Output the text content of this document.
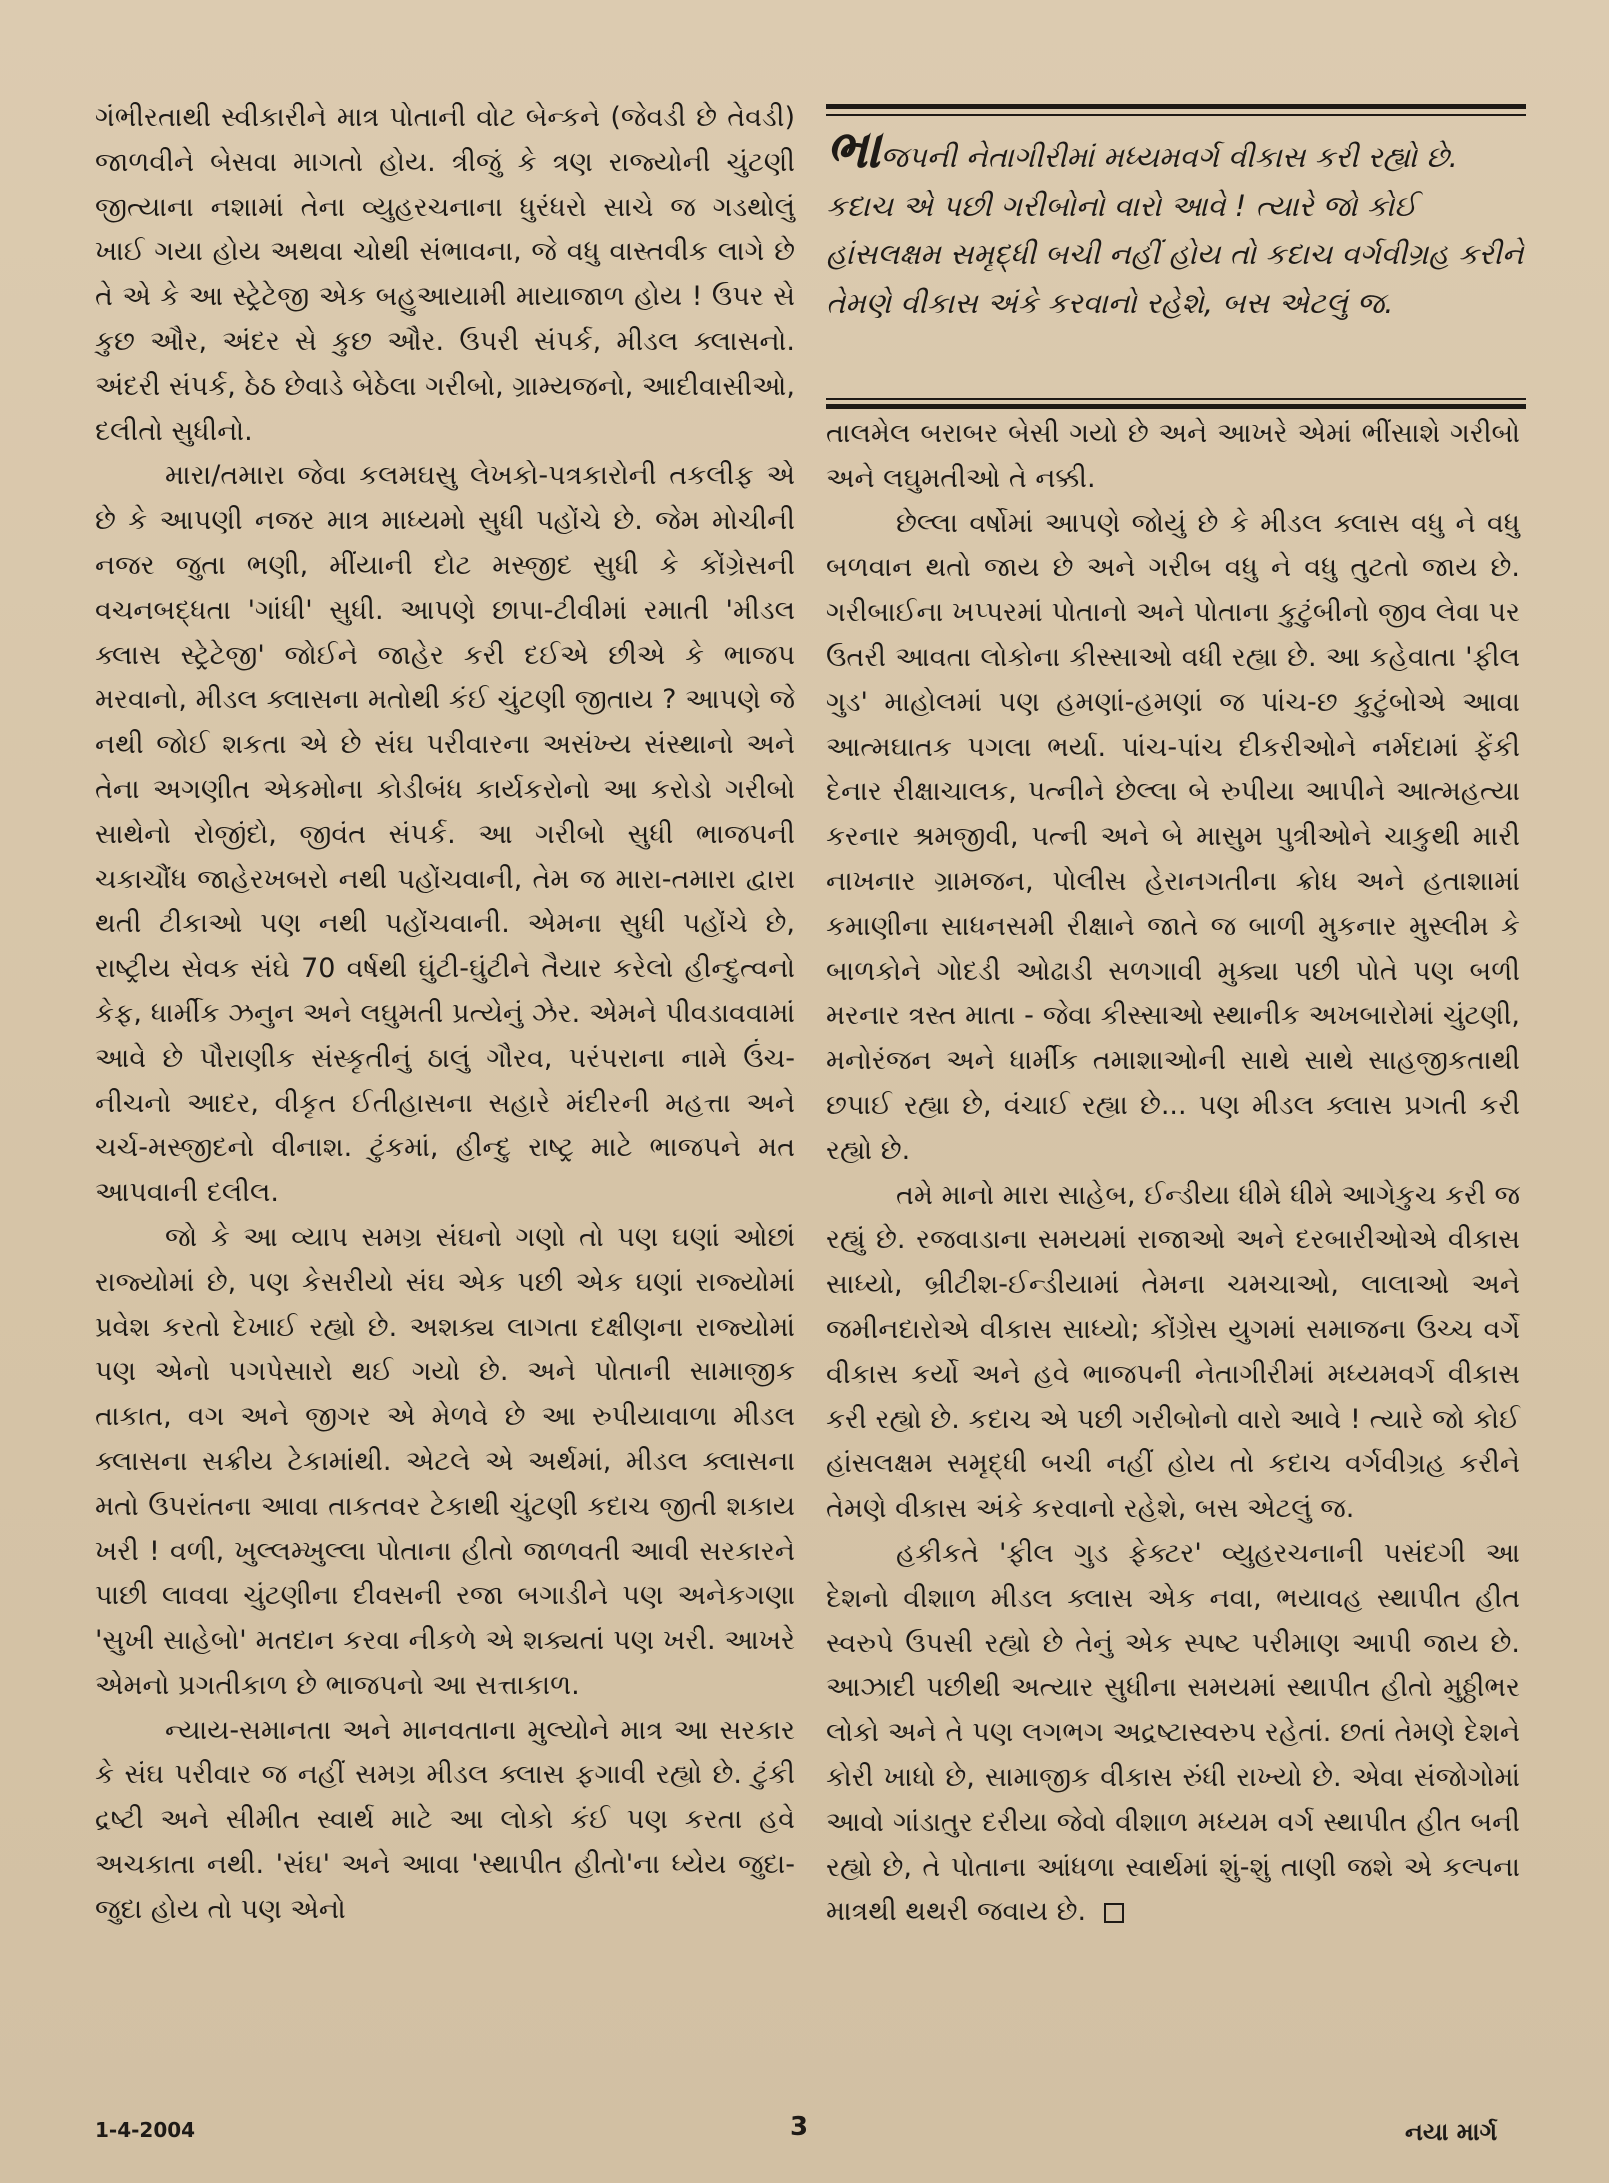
ગંભીરતાથી સ્વીકારીને માત્ર પોતાની વોટ બેન્કને (જેવડી છે તેવડી) જાળવીને બેસવા માગતો હોય. ત્રીજું કે ત્રણ રાજ્યોની ચુંટણી જીત્યાના નશામાં તેના વ્યુહરચનાના ધુરંધરો સાચે જ ગડથોલું ખાઈ ગયા હોય અથવા ચોથી સંભાવના, જે વધુ વાસ્તવીક લાગે છે તે એ કે આ સ્ટ્રેટેજી એક બહુઆયામી માયાજાળ હોય ! ઉપર સે કુછ ઔર, અંદર સે કુછ ઔર. ઉપરી સંપર્ક, મીડલ ક્લાસનો. અંદરી સંપર્ક, ઠેઠ છેવાડે બેઠેલા ગરીબો, ગ્રામ્યજનો, આદીવાસીઓ, દલીતો સુધીનો.

મારા/તમારા જેવા કલમઘસુ લેખકો-પત્રકારોની તકલીફ એ છે કે આપણી નજર માત્ર માધ્યમો સુધી પહોંચે છે. જેમ મોચીની નજર જુતા ભણી, મીંયાની દોટ મસ્જીદ સુધી કે કોંગ્રેસની વચનબદ્ધતા 'ગાંધી' સુધી. આપણે છાપા-ટીવીમાં રમાતી 'મીડલ ક્લાસ સ્ટ્રેટેજી' જોઈને જાહેર કરી દઈએ છીએ કે ભાજપ મરવાનો, મીડલ ક્લાસના મતોથી કંઈ ચુંટણી જીતાય ? આપણે જે નથી જોઈ શકતા એ છે સંઘ પરીવારના અસંખ્ય સંસ્થાનો અને તેના અગણીત એકમોના કોડીબંધ કાર્યકરોનો આ કરોડો ગરીબો સાથેનો રોજીંદો, જીવંત સંપર્ક. આ ગરીબો સુધી ભાજપની ચકાચૌંધ જાહેરખબરો નથી પહોંચવાની, તેમ જ મારા-તમારા દ્વારા થતી ટીકાઓ પણ નથી પહોંચવાની. એમના સુધી પહોંચે છે, રાષ્ટ્રીય સેવક સંઘે 70 વર્ષથી ઘુંટી-ઘુંટીને તૈયાર કરેલો હીન્દુત્વનો કેફ, ધાર્મીક ઝનુન અને લઘુમતી પ્રત્યેનું ઝેર. એમને પીવડાવવામાં આવે છે પૌરાણીક સંસ્કૃતીનું ઠાલું ગૌરવ, પરંપરાના નામે ઉંચ-નીચનો આદર, વીકૃત ઈતીહાસના સહારે મંદીરની મહત્તા અને ચર્ચ-મસ્જીદનો વીનાશ. ટુંકમાં, હીન્દુ રાષ્ટ્ર માટે ભાજપને મત આપવાની દલીલ.

જો કે આ વ્યાપ સમગ્ર સંઘનો ગણો તો પણ ઘણાં ઓછાં રાજ્યોમાં છે, પણ કેસરીયો સંઘ એક પછી એક ઘણાં રાજ્યોમાં પ્રવેશ કરતો દેખાઈ રહ્યો છે. અશક્ય લાગતા દક્ષીણના રાજ્યોમાં પણ એનો પગપેસારો થઈ ગયો છે. અને પોતાની સામાજીક તાકાત, વગ અને જીગર એ મેળવે છે આ રુપીયાવાળા મીડલ ક્લાસના સક્રીય ટેકામાંથી. એટલે એ અર્થમાં, મીડલ ક્લાસના મતો ઉપરાંતના આવા તાકતવર ટેકાથી ચુંટણી કદાચ જીતી શકાય ખરી ! વળી, ખુલ્લમ્ખુલ્લા પોતાના હીતો જાળવતી આવી સરકારને પાછી લાવવા ચુંટણીના દીવસની રજા બગાડીને પણ અનેકગણા 'સુખી સાહેબો' મતદાન કરવા નીકળે એ શક્યતાં પણ ખરી. આખરે એમનો પ્રગતીકાળ છે ભાજપનો આ સત્તાકાળ.

ન્યાય-સમાનતા અને માનવતાના મુલ્યોને માત્ર આ સરકાર કે સંઘ પરીવાર જ નહીં સમગ્ર મીડલ ક્લાસ ફગાવી રહ્યો છે. ટુંકી દ્રષ્ટી અને સીમીત સ્વાર્થ માટે આ લોકો કંઈ પણ કરતા હવે અચકાતા નથી. 'સંઘ' અને આવા 'સ્થાપીત હીતો'ના ધ્યેય જુદા-જુદા હોય તો પણ એનો

ભાજપની નેતાગીરીમાં મધ્યમવર્ગ વીકાસ કરી રહ્યો છે. કદાચ એ પછી ગરીબોનો વારો આવે ! ત્યારે જો કોઈ હાંસલક્ષમ સમૃદ્ધી બચી નહીં હોય તો કદાચ વર્ગવીગ્રહ કરીને તેમણે વીકાસ અંકે કરવાનો રહેશે, બસ એટલું જ.

તાલમેલ બરાબર બેસી ગયો છે અને આખરે એમાં ભીંસાશે ગરીબો અને લઘુમતીઓ તે નક્કી.

છેલ્લા વર્ષોમાં આપણે જોયું છે કે મીડલ ક્લાસ વધુ ને વધુ બળવાન થતો જાય છે અને ગરીબ વધુ ને વધુ તુટતો જાય છે. ગરીબાઈના ખપ્પરમાં પોતાનો અને પોતાના કુટુંબીનો જીવ લેવા પર ઉતરી આવતા લોકોના કીસ્સાઓ વધી રહ્યા છે. આ કહેવાતા 'ફીલ ગુડ' માહોલમાં પણ હમણાં-હમણાં જ પાંચ-છ કુટુંબોએ આવા આત્મઘાતક પગલા ભર્યા. પાંચ-પાંચ દીકરીઓને નર્મદામાં ફેંકી દેનાર રીક્ષાચાલક, પત્નીને છેલ્લા બે રુપીયા આપીને આત્મહત્યા કરનાર શ્રમજીવી, પત્ની અને બે માસુમ પુત્રીઓને ચાકુથી મારી નાખનાર ગ્રામજન, પોલીસ હેરાનગતીના ક્રોધ અને હતાશામાં કમાણીના સાધનસમી રીક્ષાને જાતે જ બાળી મુકનાર મુસ્લીમ કે બાળકોને ગોદડી ઓઢાડી સળગાવી મુક્યા પછી પોતે પણ બળી મરનાર ત્રસ્ત માતા - જેવા કીસ્સાઓ સ્થાનીક અખબારોમાં ચુંટણી, મનોરંજન અને ધાર્મીક તમાશાઓની સાથે સાથે સાહજીકતાથી છપાઈ રહ્યા છે, વંચાઈ રહ્યા છે... પણ મીડલ ક્લાસ પ્રગતી કરી રહ્યો છે.

તમે માનો મારા સાહેબ, ઈન્ડીયા ધીમે ધીમે આગેકુચ કરી જ રહ્યું છે. રજવાડાના સમયમાં રાજાઓ અને દરબારીઓએ વીકાસ સાધ્યો, બ્રીટીશ-ઈન્ડીયામાં તેમના ચમચાઓ, લાલાઓ અને જમીનદારોએ વીકાસ સાધ્યો; કોંગ્રેસ યુગમાં સમાજના ઉચ્ચ વર્ગે વીકાસ કર્યો અને હવે ભાજપની નેતાગીરીમાં મધ્યમવર્ગ વીકાસ કરી રહ્યો છે. કદાચ એ પછી ગરીબોનો વારો આવે ! ત્યારે જો કોઈ હાંસલક્ષમ સમૃદ્ધી બચી નહીં હોય તો કદાચ વર્ગવીગ્રહ કરીને તેમણે વીકાસ અંકે કરવાનો રહેશે, બસ એટલું જ.

હકીકતે 'ફીલ ગુડ ફેક્ટર' વ્યુહરચનાની પસંદગી આ દેશનો વીશાળ મીડલ ક્લાસ એક નવા, ભયાવહ સ્થાપીત હીત સ્વરુપે ઉપસી રહ્યો છે તેનું એક સ્પષ્ટ પરીમાણ આપી જાય છે. આઝાદી પછીથી અત્યાર સુધીના સમયમાં સ્થાપીત હીતો મુઠ્ઠીભર લોકો અને તે પણ લગભગ અદ્રષ્ટાસ્વરુપ રહેતાં. છતાં તેમણે દેશને કોરી ખાધો છે, સામાજીક વીકાસ રુંધી રાખ્યો છે. એવા સંજોગોમાં આવો ગાંડાતુર દરીયા જેવો વીશાળ મધ્યમ વર્ગ સ્થાપીત હીત બની રહ્યો છે, તે પોતાના આંધળા સ્વાર્થમાં શું-શું તાણી જશે એ કલ્પના માત્રથી થથરી જવાય છે.

1-4-2004	3	નયા માર્ગ
